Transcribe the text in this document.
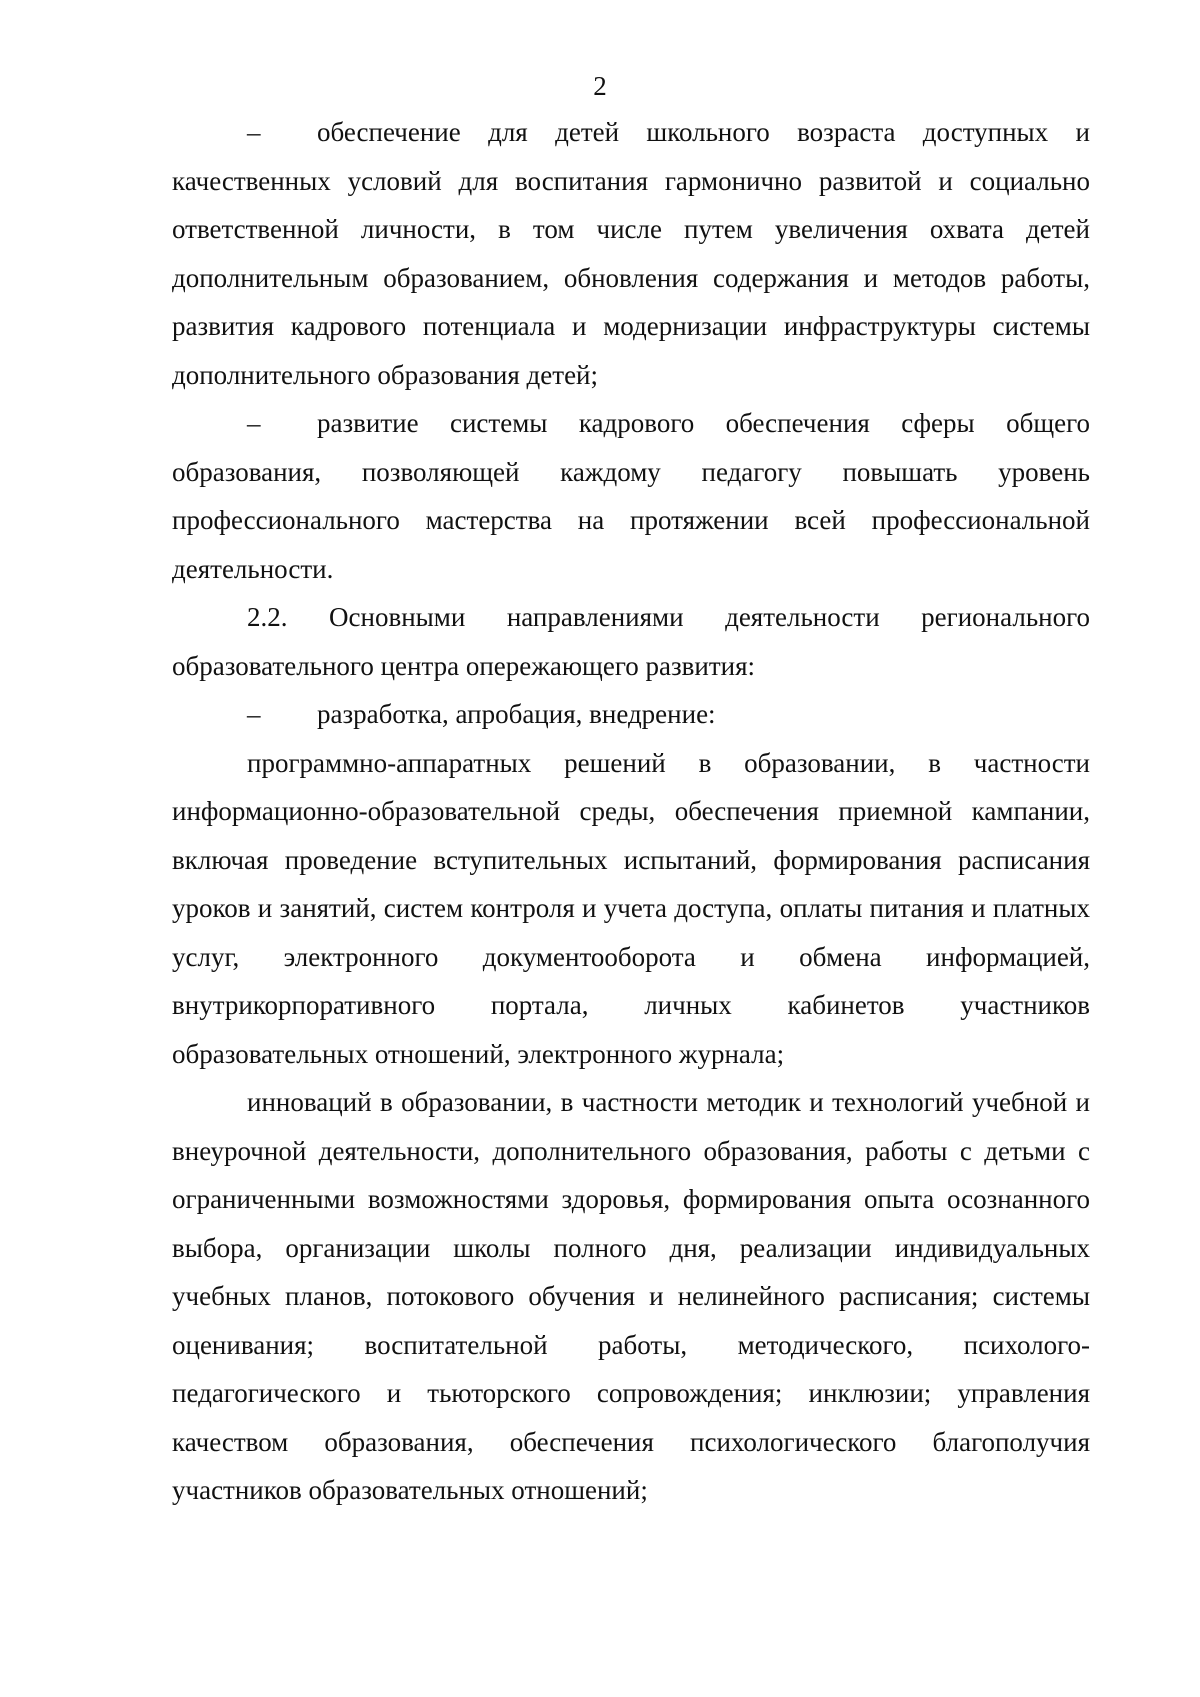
2

– обеспечение для детей школьного возраста доступных и качественных условий для воспитания гармонично развитой и социально ответственной личности, в том числе путем увеличения охвата детей дополнительным образованием, обновления содержания и методов работы, развития кадрового потенциала и модернизации инфраструктуры системы дополнительного образования детей;

– развитие системы кадрового обеспечения сферы общего образования, позволяющей каждому педагогу повышать уровень профессионального мастерства на протяжении всей профессиональной деятельности.

2.2. Основными направлениями деятельности регионального образовательного центра опережающего развития:

– разработка, апробация, внедрение:

программно-аппаратных решений в образовании, в частности информационно-образовательной среды, обеспечения приемной кампании, включая проведение вступительных испытаний, формирования расписания уроков и занятий, систем контроля и учета доступа, оплаты питания и платных услуг, электронного документооборота и обмена информацией, внутрикорпоративного портала, личных кабинетов участников образовательных отношений, электронного журнала;

инноваций в образовании, в частности методик и технологий учебной и внеурочной деятельности, дополнительного образования, работы с детьми с ограниченными возможностями здоровья, формирования опыта осознанного выбора, организации школы полного дня, реализации индивидуальных учебных планов, потокового обучения и нелинейного расписания; системы оценивания; воспитательной работы, методического, психолого-педагогического и тьюторского сопровождения; инклюзии; управления качеством образования, обеспечения психологического благополучия участников образовательных отношений;
